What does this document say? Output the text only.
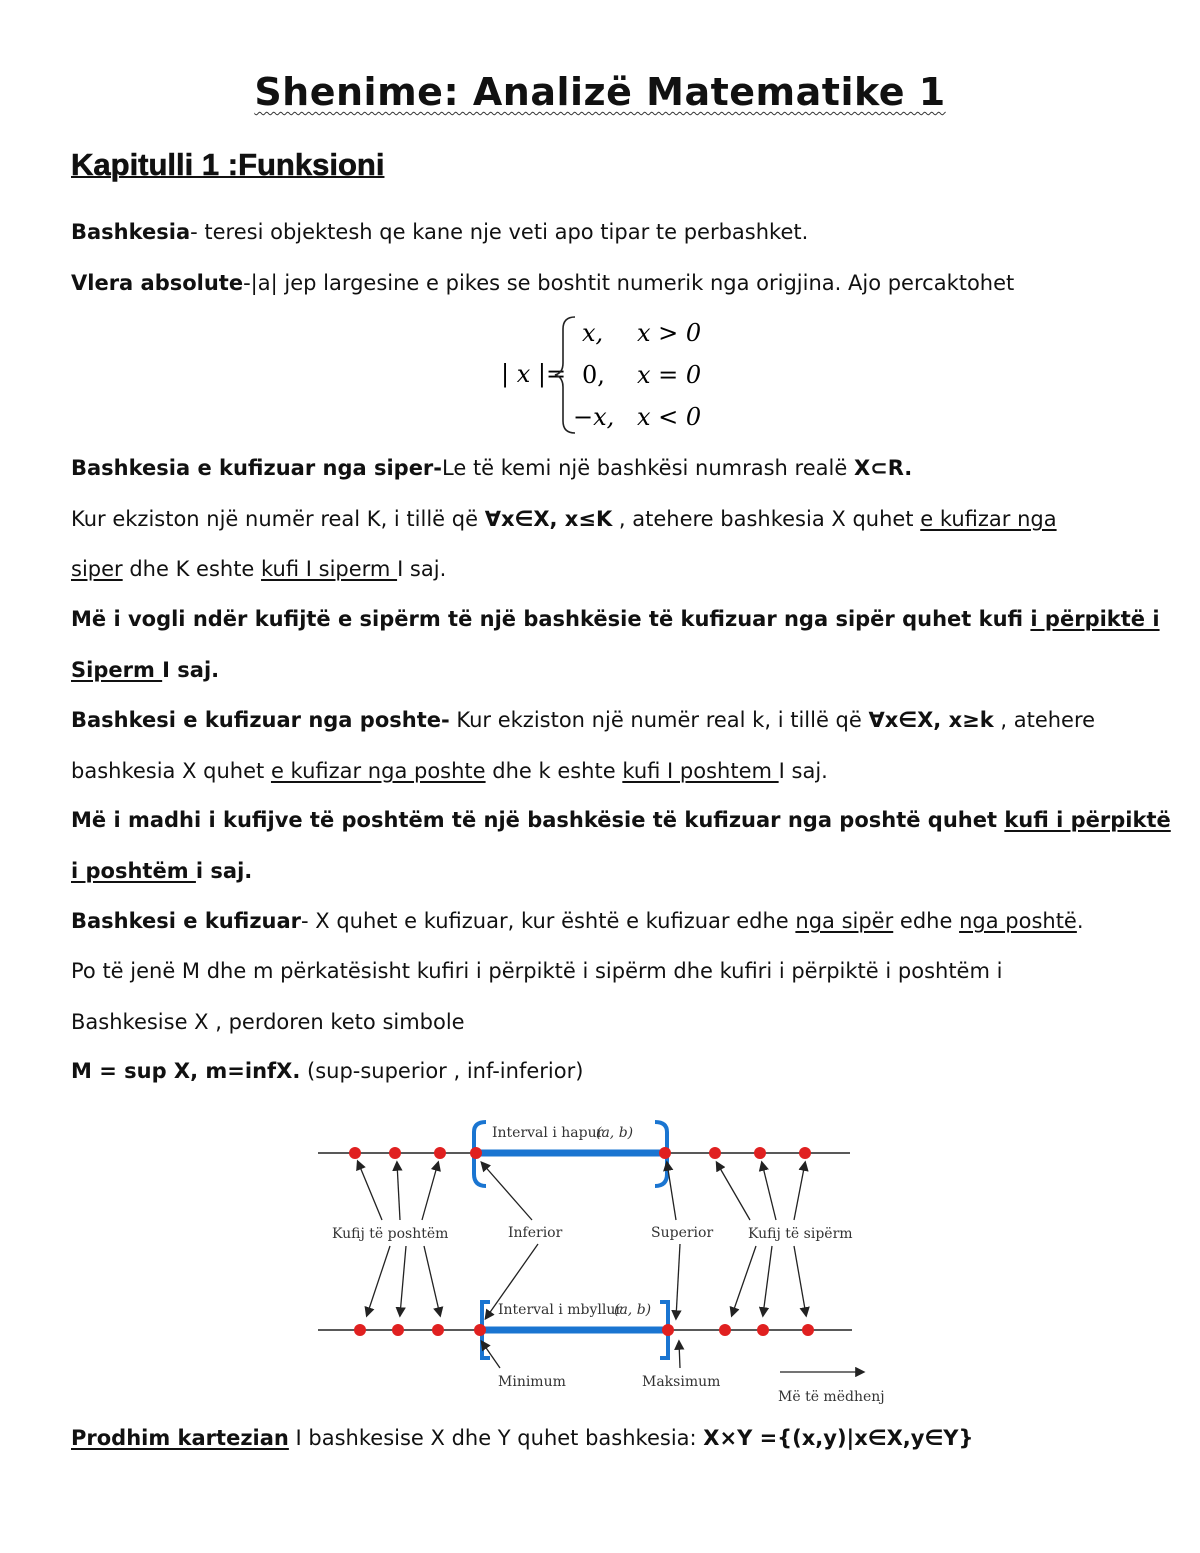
Shenime: Analizë Matematike 1
Kapitulli 1 :Funksioni
Bashkesia- teresi objektesh qe kane nje veti apo tipar te perbashket.
Vlera absolute-|a| jep largesine e pikes se boshtit numerik nga origjina. Ajo percaktohet
| x |=
x, x > 0
0, x = 0
−x, x < 0
Bashkesia e kufizuar nga siper-Le të kemi një bashkësi numrash realë X⊂R.
Kur ekziston një numër real K, i tillë që ∀x∈X, x≤K , atehere bashkesia X quhet e kufizar nga
siper dhe K eshte kufi I siperm I saj.
Më i vogli ndër kufijtë e sipërm të një bashkësie të kufizuar nga sipër quhet kufi i përpiktë i
Siperm I saj.
Bashkesi e kufizuar nga poshte- Kur ekziston një numër real k, i tillë që ∀x∈X, x≥k , atehere
bashkesia X quhet e kufizar nga poshte dhe k eshte kufi I poshtem I saj.
Më i madhi i kufijve të poshtëm të një bashkësie të kufizuar nga poshtë quhet kufi i përpiktë
i poshtëm i saj.
Bashkesi e kufizuar- X quhet e kufizuar, kur është e kufizuar edhe nga sipër edhe nga poshtë.
Po të jenë M dhe m përkatësisht kufiri i përpiktë i sipërm dhe kufiri i përpiktë i poshtëm i
Bashkesise X , perdoren keto simbole
M = sup X, m=infX. (sup-superior , inf-inferior)
Interval i hapur
(a, b)
Kufij të poshtëm	Inferior	Superior Kufij të sipërm
Interval i mbyllur
(a, b)
Minimum	Maksimum
Më të mëdhenj
Prodhim kartezian I bashkesise X dhe Y quhet bashkesia: X×Y ={(x,y)|x∈X,y∈Y}
